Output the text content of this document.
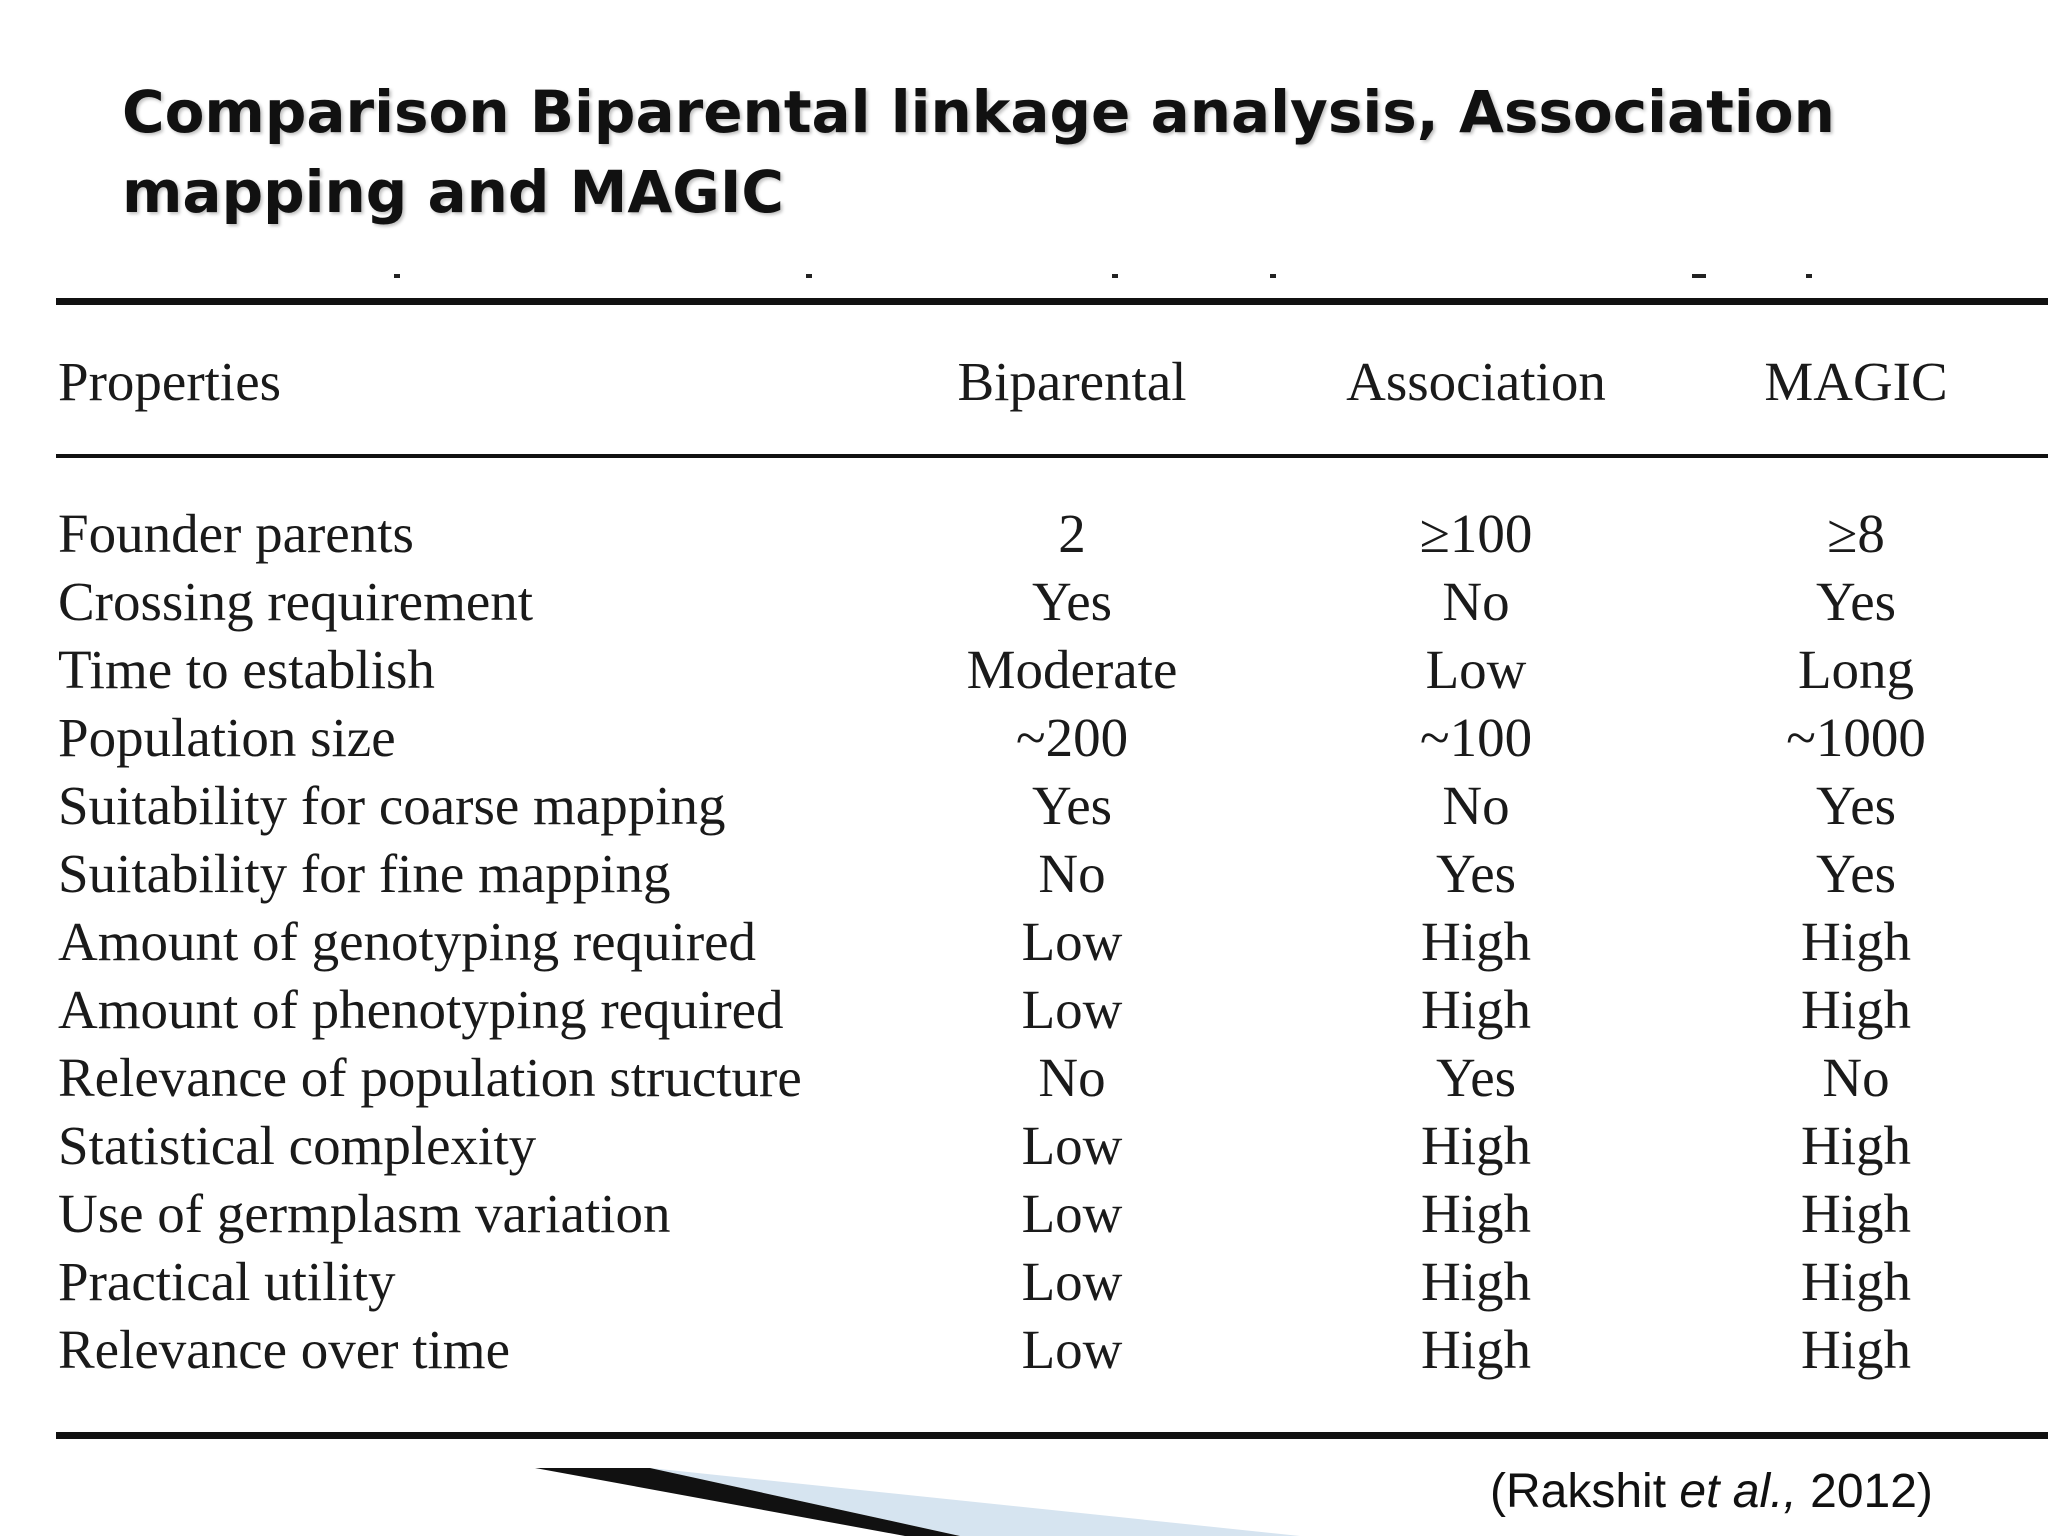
Comparison Biparental linkage analysis, Association mapping and MAGIC
Properties	Biparental	Association	MAGIC
Founder parents	2	≥100	≥8
Crossing requirement	Yes	No	Yes
Time to establish	Moderate	Low	Long
Population size	~200	~100	~1000
Suitability for coarse mapping	Yes	No	Yes
Suitability for fine mapping	No	Yes	Yes
Amount of genotyping required	Low	High	High
Amount of phenotyping required	Low	High	High
Relevance of population structure	No	Yes	No
Statistical complexity	Low	High	High
Use of germplasm variation	Low	High	High
Practical utility	Low	High	High
Relevance over time	Low	High	High
(Rakshit et al., 2012)
